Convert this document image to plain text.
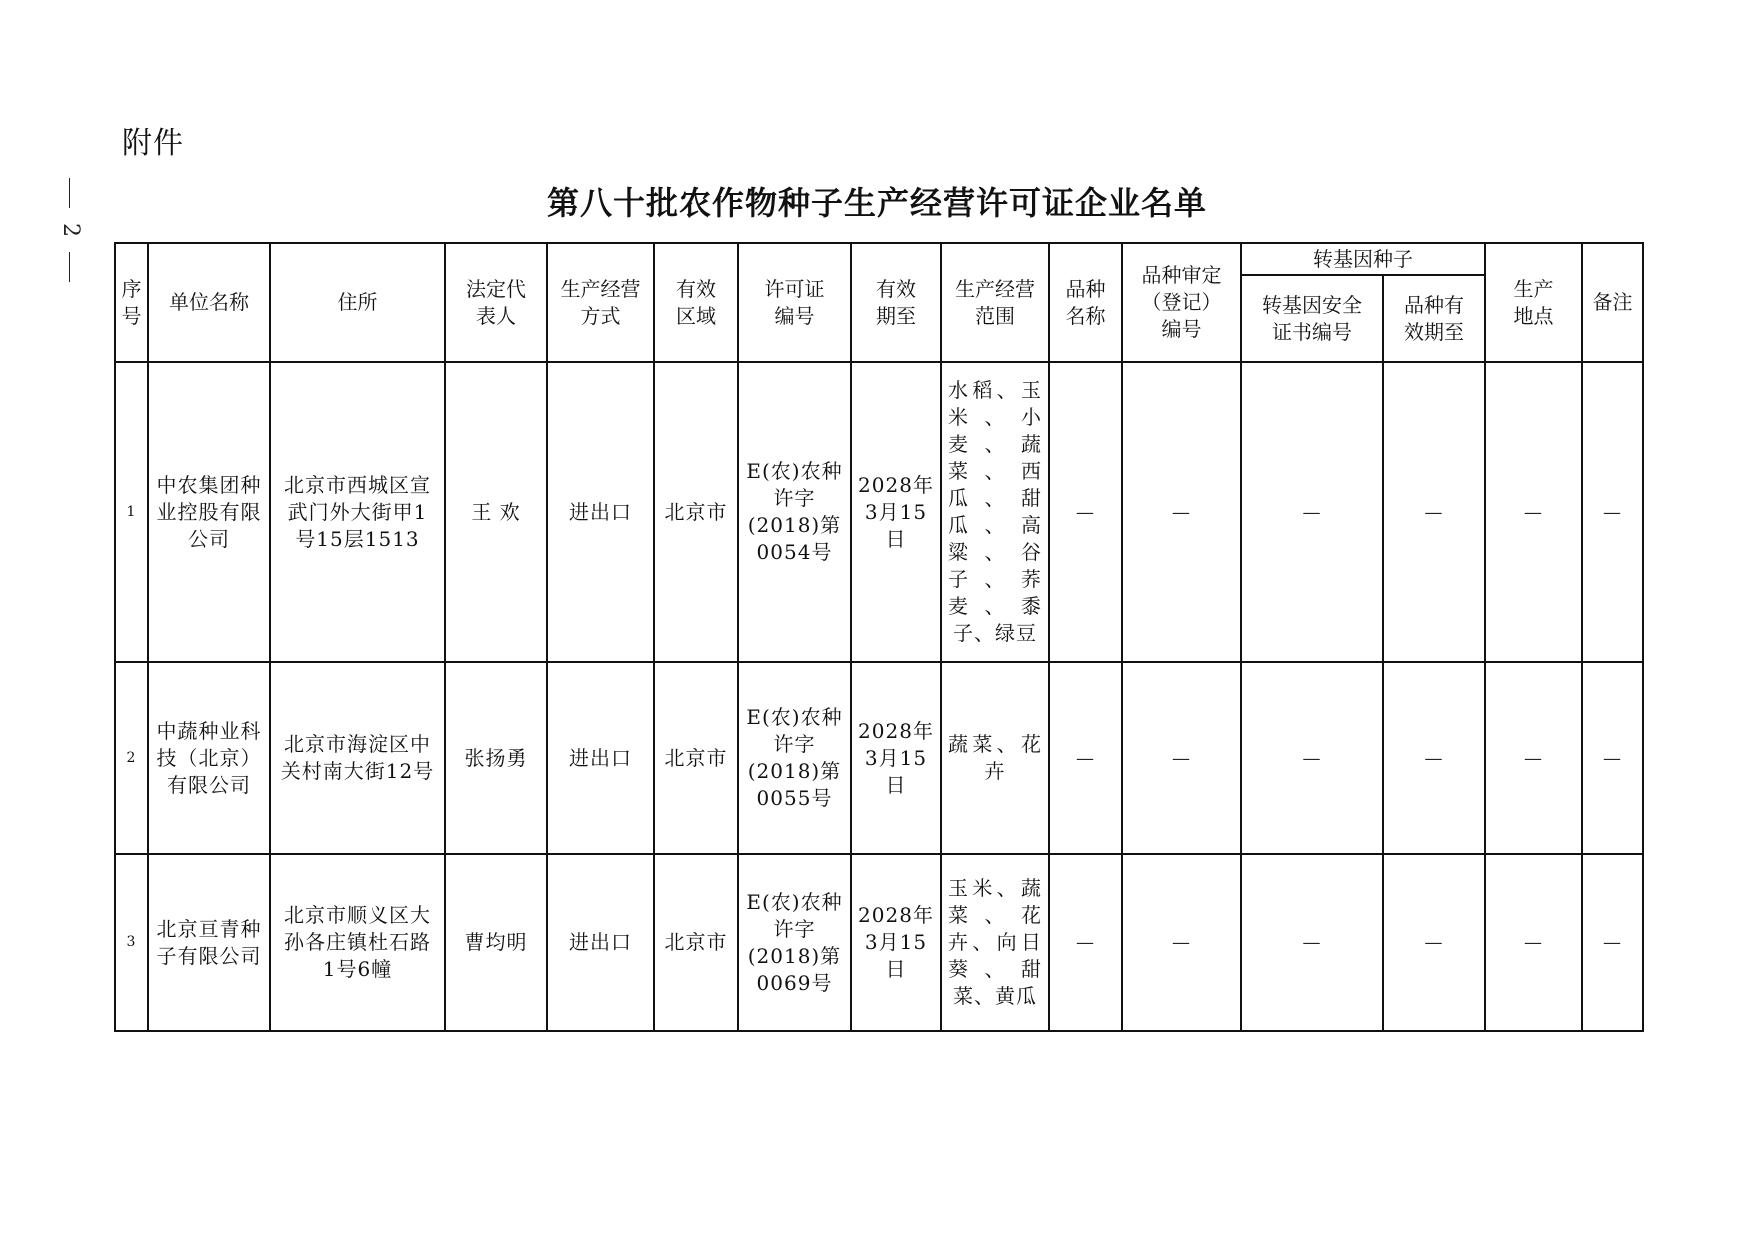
附件
2
第八十批农作物种子生产经营许可证企业名单
序号	单位名称	住所	法定代表人	生产经营方式	有效区域	许可证编号	有效期至	生产经营范围	品种名称	品种审定（登记）编号	转基因种子		生产地点	备注
											转基因安全证书编号	品种有效期至		
1	中农集团种业控股有限公司	北京市西城区宣武门外大街甲1号15层1513	王 欢	进出口	北京市	E(农)农种许字(2018)第0054号	2028年3月15日	水稻、玉米、小麦、蔬菜、西瓜、甜瓜、高粱、谷子、荞麦、黍子、绿豆	—	—	—	—	—	—
2	中蔬种业科技（北京）有限公司	北京市海淀区中关村南大街12号	张扬勇	进出口	北京市	E(农)农种许字(2018)第0055号	2028年3月15日	蔬菜、花卉	—	—	—	—	—	—
3	北京亘青种子有限公司	北京市顺义区大孙各庄镇杜石路1号6幢	曹均明	进出口	北京市	E(农)农种许字(2018)第0069号	2028年3月15日	玉米、蔬菜、花卉、向日葵、甜菜、黄瓜	—	—	—	—	—	—
